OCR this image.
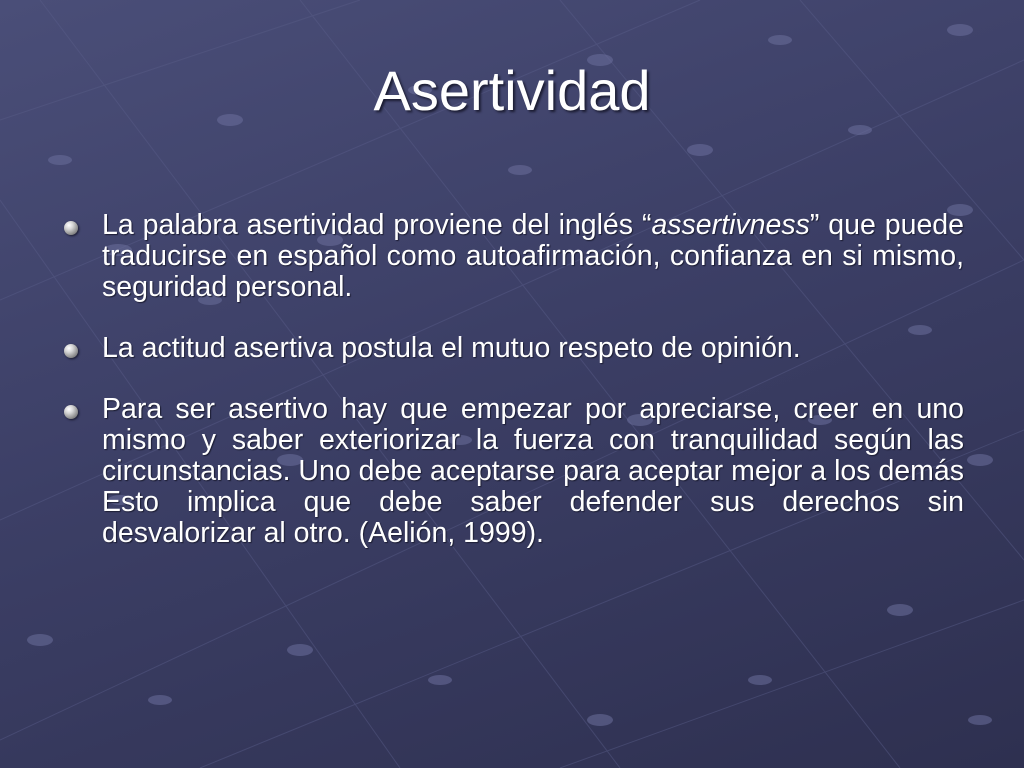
Asertividad
La palabra asertividad proviene del inglés “assertivness” que puede traducirse en español como autoafirmación, confianza en si mismo, seguridad personal.
La actitud asertiva postula el mutuo respeto de opinión.
Para ser asertivo hay que empezar por apreciarse, creer en uno mismo y saber exteriorizar la fuerza con tranquilidad según las circunstancias. Uno debe aceptarse para aceptar mejor a los demás Esto implica que debe saber defender sus derechos sin desvalorizar al otro. (Aelión, 1999).
